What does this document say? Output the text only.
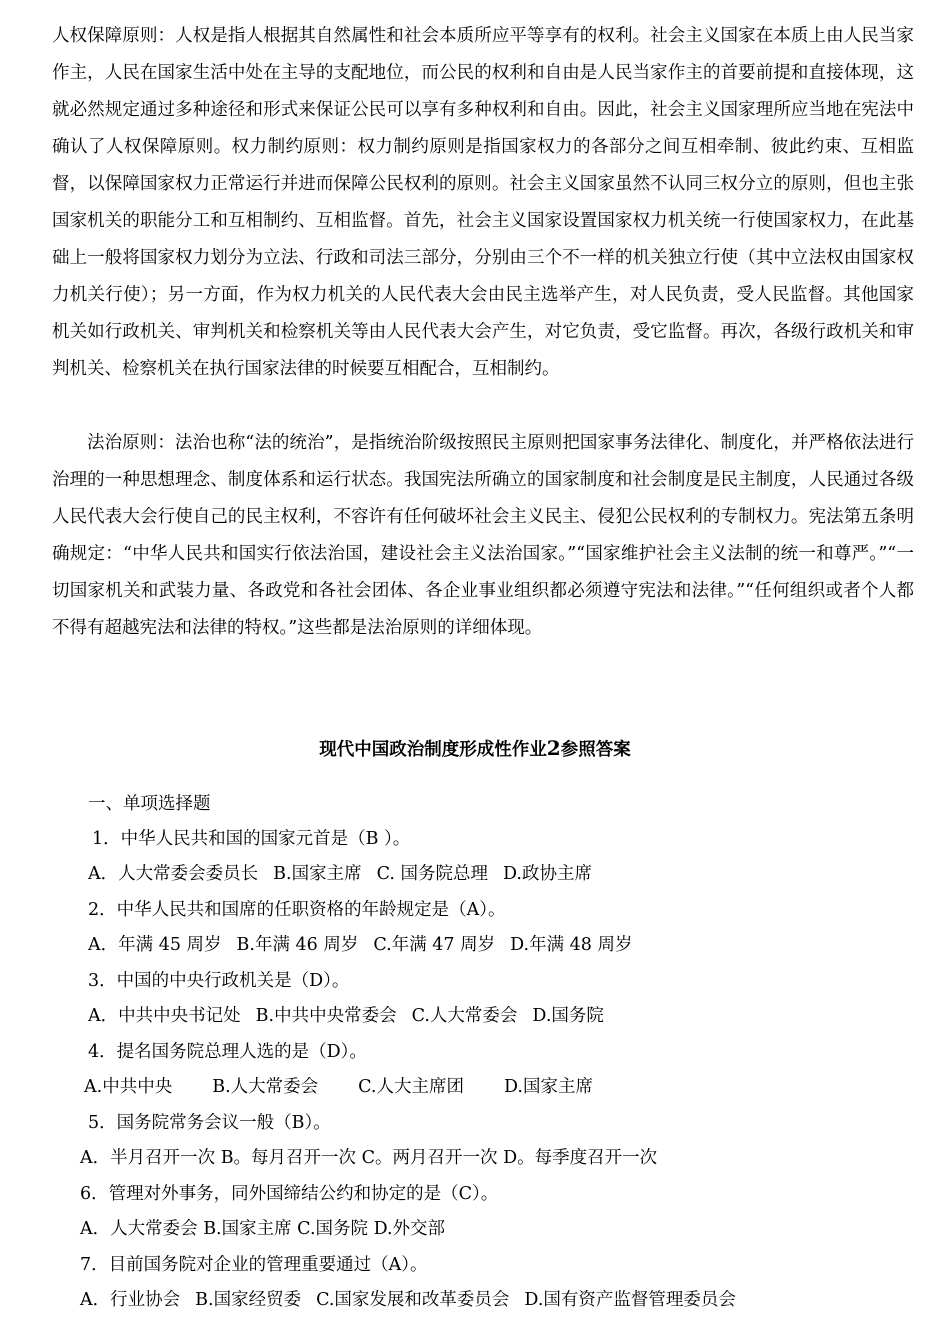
人权保障原则：人权是指人根据其自然属性和社会本质所应平等享有的权利。社会主义国家在本质上由人民当家作主，人民在国家生活中处在主导的支配地位，而公民的权利和自由是人民当家作主的首要前提和直接体现，这就必然规定通过多种途径和形式来保证公民可以享有多种权利和自由。因此，社会主义国家理所应当地在宪法中确认了人权保障原则。权力制约原则：权力制约原则是指国家权力的各部分之间互相牵制、彼此约束、互相监督，以保障国家权力正常运行并进而保障公民权利的原则。社会主义国家虽然不认同三权分立的原则，但也主张国家机关的职能分工和互相制约、互相监督。首先，社会主义国家设置国家权力机关统一行使国家权力，在此基础上一般将国家权力划分为立法、行政和司法三部分，分别由三个不一样的机关独立行使（其中立法权由国家权力机关行使）；另一方面，作为权力机关的人民代表大会由民主选举产生，对人民负责，受人民监督。其他国家机关如行政机关、审判机关和检察机关等由人民代表大会产生，对它负责，受它监督。再次，各级行政机关和审判机关、检察机关在执行国家法律的时候要互相配合，互相制约。

法治原则：法治也称“法的统治”，是指统治阶级按照民主原则把国家事务法律化、制度化，并严格依法进行治理的一种思想理念、制度体系和运行状态。我国宪法所确立的国家制度和社会制度是民主制度，人民通过各级人民代表大会行使自己的民主权利，不容许有任何破坏社会主义民主、侵犯公民权利的专制权力。宪法第五条明确规定：“中华人民共和国实行依法治国，建设社会主义法治国家。”“国家维护社会主义法制的统一和尊严。”“一切国家机关和武装力量、各政党和各社会团体、各企业事业组织都必须遵守宪法和法律。”“任何组织或者个人都不得有超越宪法和法律的特权。”这些都是法治原则的详细体现。

现代中国政治制度形成性作业2参照答案

一、单项选择题

1．中华人民共和国的国家元首是（B ）。

A．人大常委会委员长 B.国家主席 C. 国务院总理 D.政协主席

2．中华人民共和国席的任职资格的年龄规定是（A）。

A．年满 45 周岁 B.年满 46 周岁 C.年满 47 周岁 D.年满 48 周岁

3．中国的中央行政机关是（D）。

A．中共中央书记处 B.中共中央常委会 C.人大常委会 D.国务院

4．提名国务院总理人选的是（D）。

A.中共中央 B.人大常委会 C.人大主席团 D.国家主席

5．国务院常务会议一般（B）。

A．半月召开一次 B。每月召开一次 C。两月召开一次 D。每季度召开一次

6．管理对外事务，同外国缔结公约和协定的是（C）。

A．人大常委会 B.国家主席 C.国务院 D.外交部

7．目前国务院对企业的管理重要通过（A）。

A．行业协会 B.国家经贸委 C.国家发展和改革委员会 D.国有资产监督管理委员会
